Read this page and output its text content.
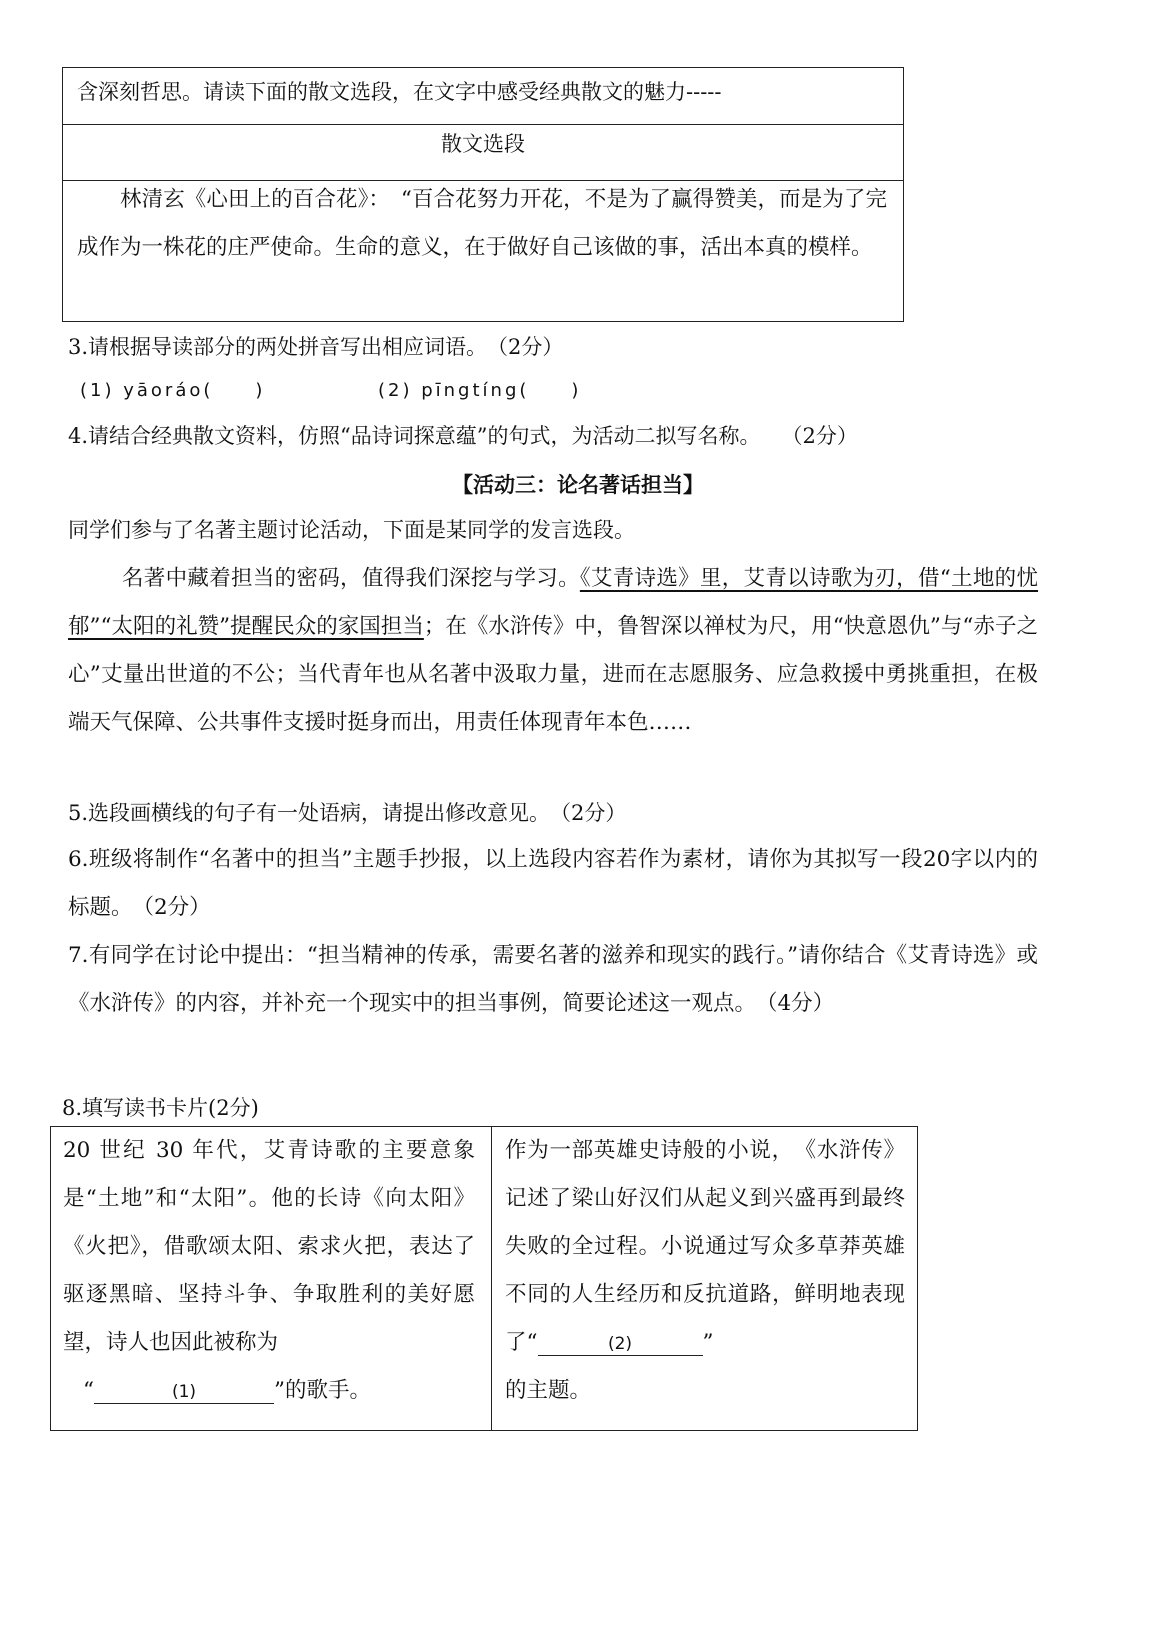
含深刻哲思。请读下面的散文选段，在文字中感受经典散文的魅力-----
散文选段
林清玄《心田上的百合花》：　“百合花努力开花，不是为了赢得赞美，而是为了完成作为一株花的庄严使命。生命的意义，在于做好自己该做的事，活出本真的模样。
3.请根据导读部分的两处拼音写出相应词语。　（2分）
(1) yāoráo(　　)	(2) pīngtíng(　　)
4.请结合经典散文资料，仿照“品诗词探意蕴”的句式，为活动二拟写名称。　　（2分）
【活动三：论名著话担当】
同学们参与了名著主题讨论活动，下面是某同学的发言选段。
名著中藏着担当的密码，值得我们深挖与学习。《艾青诗选》里，艾青以诗歌为刃，借“土地的忧郁”“太阳的礼赞”提醒民众的家国担当；在《水浒传》中，鲁智深以禅杖为尺，用“快意恩仇”与“赤子之心”丈量出世道的不公；当代青年也从名著中汲取力量，进而在志愿服务、应急救援中勇挑重担，在极端天气保障、公共事件支援时挺身而出，用责任体现青年本色……
5.选段画横线的句子有一处语病，请提出修改意见。　（2分）
6.班级将制作“名著中的担当”主题手抄报，以上选段内容若作为素材，请你为其拟写一段20字以内的标题。　（2分）
7.有同学在讨论中提出：“担当精神的传承，需要名著的滋养和现实的践行。”请你结合《艾青诗选》或《水浒传》的内容，并补充一个现实中的担当事例，简要论述这一观点。　（4分）
8.填写读书卡片(2分)
20 世纪 30 年代，艾青诗歌的主要意象是“土地”和“太阳”。他的长诗《向太阳》《火把》，借歌颂太阳、索求火把，表达了驱逐黑暗、坚持斗争、争取胜利的美好愿望，诗人也因此被称为
“	(1)	”的歌手。
作为一部英雄史诗般的小说，　《水浒传》记述了梁山好汉们从起义到兴盛再到最终失败的全过程。小说通过写众多草莽英雄不同的人生经历和反抗道路，鲜明地表现了“	(2)	”
的主题。
